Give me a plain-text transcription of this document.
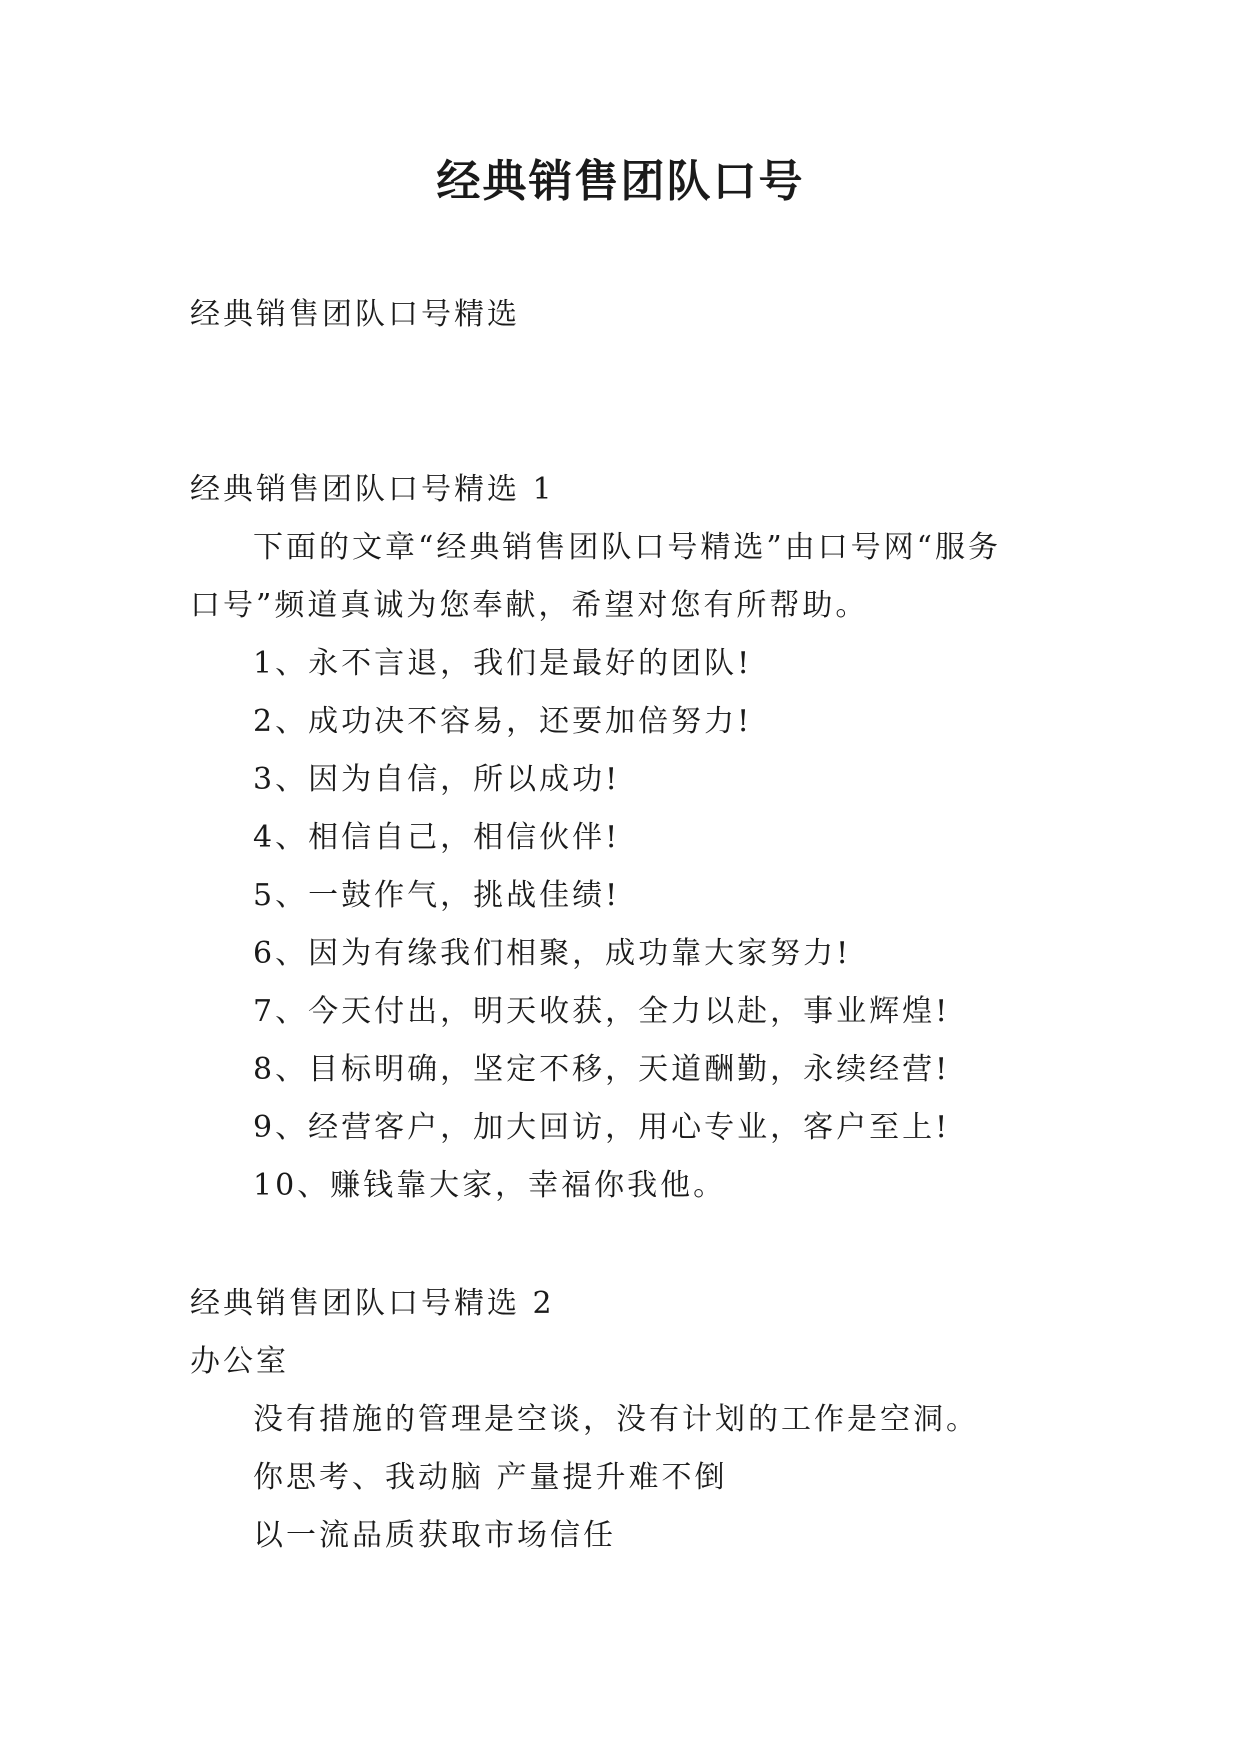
经典销售团队口号

经典销售团队口号精选

经典销售团队口号精选 1

下面的文章“经典销售团队口号精选”由口号网“服务

口号”频道真诚为您奉献，希望对您有所帮助。

1、永不言退，我们是最好的团队!

2、成功决不容易，还要加倍努力!

3、因为自信，所以成功!

4、相信自己，相信伙伴!

5、一鼓作气，挑战佳绩!

6、因为有缘我们相聚，成功靠大家努力!

7、今天付出，明天收获，全力以赴，事业辉煌!

8、目标明确，坚定不移，天道酬勤，永续经营!

9、经营客户，加大回访，用心专业，客户至上!

10、赚钱靠大家，幸福你我他。

经典销售团队口号精选 2

办公室

没有措施的管理是空谈，没有计划的工作是空洞。

你思考、我动脑 产量提升难不倒

以一流品质获取市场信任
